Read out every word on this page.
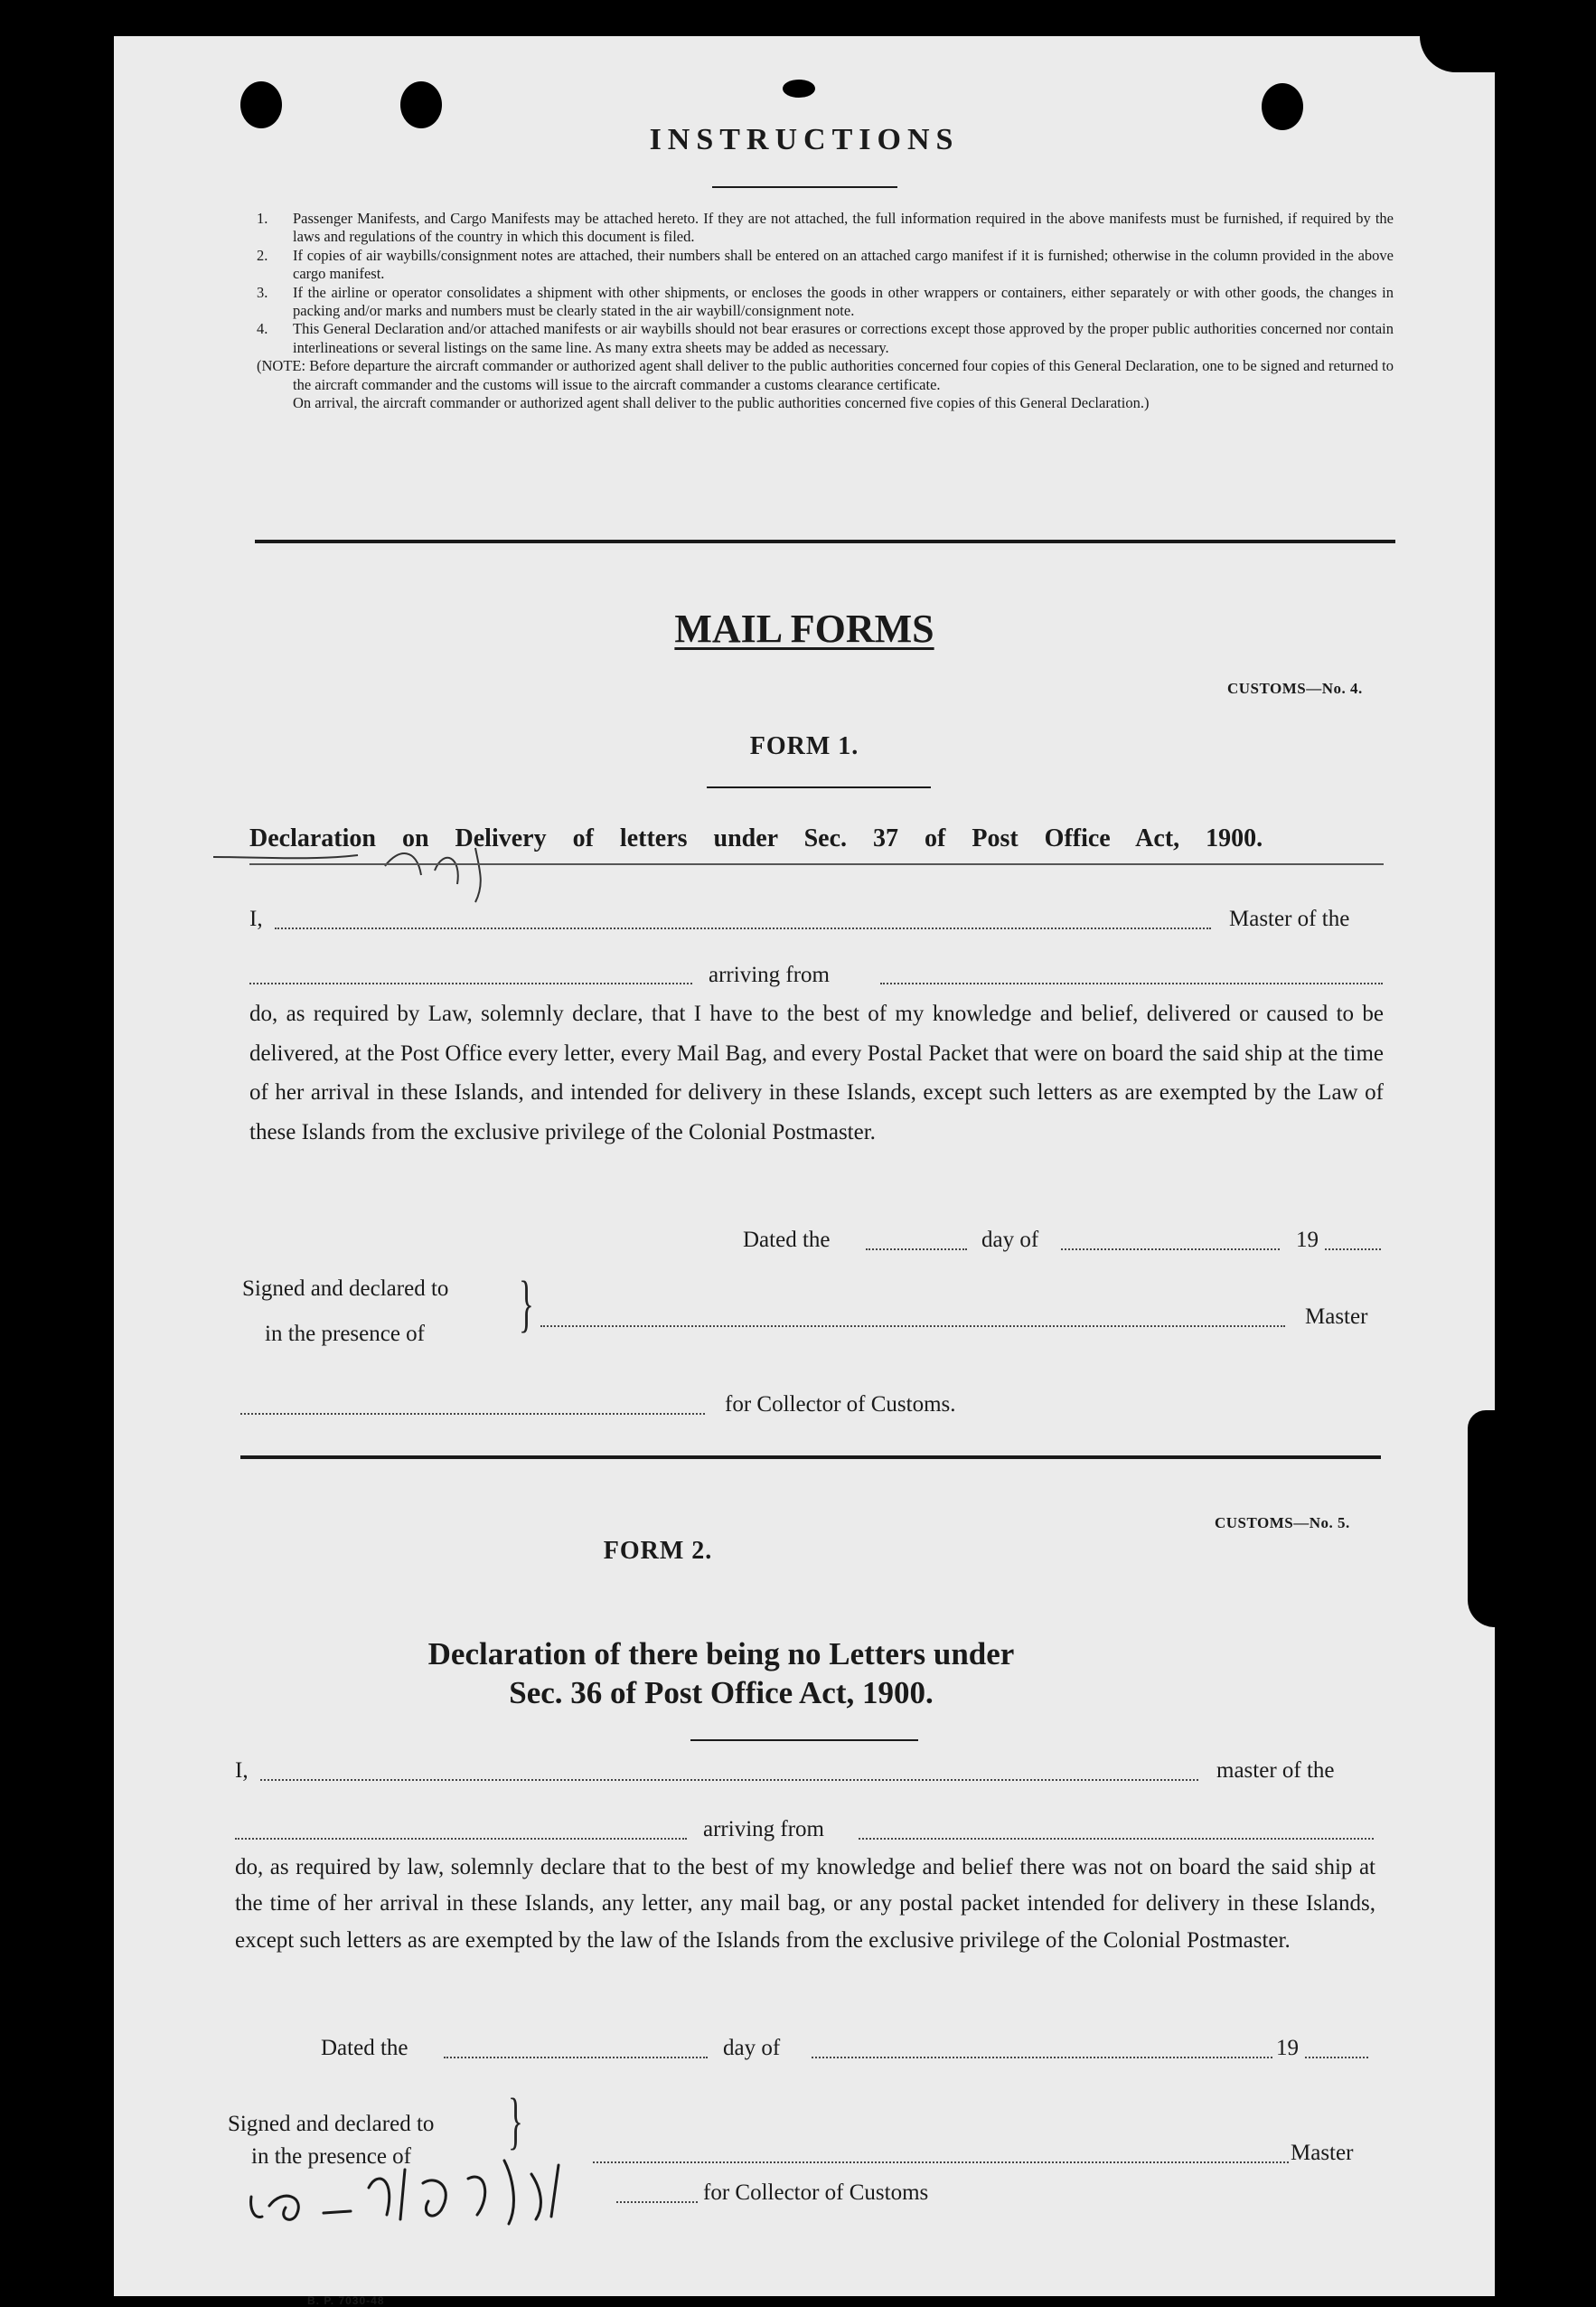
INSTRUCTIONS
1. Passenger Manifests, and Cargo Manifests may be attached hereto. If they are not attached, the full information required in the above manifests must be furnished, if required by the laws and regulations of the country in which this document is filed.
2. If copies of air waybills/consignment notes are attached, their numbers shall be entered on an attached cargo manifest if it is furnished; otherwise in the column provided in the above cargo manifest.
3. If the airline or operator consolidates a shipment with other shipments, or encloses the goods in other wrappers or containers, either separately or with other goods, the changes in packing and/or marks and numbers must be clearly stated in the air waybill/consignment note.
4. This General Declaration and/or attached manifests or air waybills should not bear erasures or corrections except those approved by the proper public authorities concerned nor contain interlineations or several listings on the same line. As many extra sheets may be added as necessary.
(NOTE: Before departure the aircraft commander or authorized agent shall deliver to the public authorities concerned four copies of this General Declaration, one to be signed and returned to the aircraft commander and the customs will issue to the aircraft commander a customs clearance certificate.
On arrival, the aircraft commander or authorized agent shall deliver to the public authorities concerned five copies of this General Declaration.)
MAIL FORMS
CUSTOMS—No. 4.
FORM 1.
Declaration on Delivery of letters under Sec. 37 of Post Office Act, 1900.
I,	Master of the
arriving from
do, as required by Law, solemnly declare, that I have to the best of my knowledge and belief, delivered or caused to be delivered, at the Post Office every letter, every Mail Bag, and every Postal Packet that were on board the said ship at the time of her arrival in these Islands, and intended for delivery in these Islands, except such letters as are exempted by the Law of these Islands from the exclusive privilege of the Colonial Postmaster.
Dated the	day of	19
Signed and declared to
in the presence of }	Master
for Collector of Customs.
CUSTOMS—No. 5.
FORM 2.
Declaration of there being no Letters under
Sec. 36 of Post Office Act, 1900.
I,	master of the
arriving from
do, as required by law, solemnly declare that to the best of my knowledge and belief there was not on board the said ship at the time of her arrival in these Islands, any letter, any mail bag, or any postal packet intended for delivery in these Islands, except such letters as are exempted by the law of the Islands from the exclusive privilege of the Colonial Postmaster.
Dated the	day of	19
Signed and declared to
in the presence of
}	Master
for Collector of Customs
B. P. 7030-48
